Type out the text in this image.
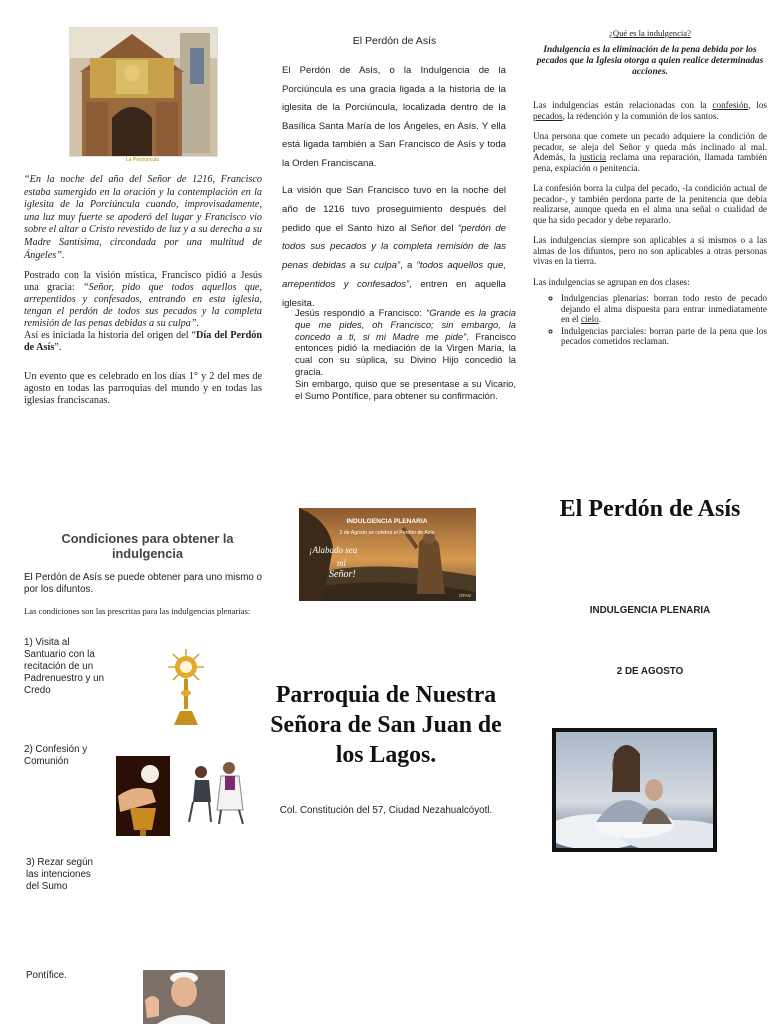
La Porciúncula

“En la noche del año del Señor de 1216, Francisco estaba sumergido en la oración y la contemplación en la iglesita de la Porciúncula cuando, improvisadamente, una luz muy fuerte se apoderó del lugar y Francisco vio sobre el altar a Cristo revestido de luz y a su derecha a su Madre Santísima, circondada por una multitud de Ángeles”.

Postrado con la visión mística, Francisco pidió a Jesús una gracia: “Señor, pido que todos aquellos que, arrepentidos y confesados, entrando en esta iglesia, tengan el perdón de todos sus pecados y la completa remisión de las penas debidas a su culpa”.
Así es iniciada la historia del origen del “Día del Perdón de Asís”.

Un evento que es celebrado en los días 1° y 2 del mes de agosto en todas las parroquias del mundo y en todas las iglesias franciscanas.

El Perdón de Asís

El Perdón de Asís, o la Indulgencia de la Porciúncula es una gracia ligada a la historia de la iglesita de la Porciúncula, localizada dentro de la Basílica Santa María de los Ángeles, en Asís. Y ella está ligada también a San Francisco de Asís y toda la Orden Franciscana.

La visión que San Francisco tuvo en la noche del año de 1216 tuvo proseguimiento después del pedido que el Santo hizo al Señor del “perdón de todos sus pecados y la completa remisión de las penas debidas a su culpa”, a “todos aquellos que, arrepentidos y confesados”, entren en aquella iglesita.

Jesús respondió a Francisco: “Grande es la gracia que me pides, oh Francisco; sin embargo, la concedo a ti, si mi Madre me pide”. Francisco entonces pidió la mediación de la Virgen María, la cual con su súplica, su Divino Hijo concedió la gracia.
Sin embargo, quiso que se presentase a su Vicario, el Sumo Pontífice, para obtener su confirmación.

¿Qué es la indulgencia?
Indulgencia es la eliminación de la pena debida por los pecados que la Iglesia otorga a quien realice determinadas acciones.

Las indulgencias están relacionadas con la confesión, los pecados, la redención y la comunión de los santos.

Una persona que comete un pecado adquiere la condición de pecador, se aleja del Señor y queda más inclinado al mal. Además, la justicia reclama una reparación, llamada también pena, expiación o penitencia.

La confesión borra la culpa del pecado, -la condición actual de pecador-, y también perdona parte de la penitencia que debía realizarse, aunque queda en el alma una señal o cualidad de que ha sido pecador y debe repararlo.

Las indulgencias siempre son aplicables a sí mismos o a las almas de los difuntos, pero no son aplicables a otras personas vivas en la tierra.

Las indulgencias se agrupan en dos clases:

◦ Indulgencias plenarias: borran todo resto de pecado dejando el alma dispuesta para entrar inmediatamente en el cielo.
◦ Indulgencias parciales: borran parte de la pena que los pecados cometidos reclaman.
Condiciones para obtener la indulgencia

El Perdón de Asís se puede obtener para uno mismo o por los difuntos.

Las condiciones son las prescritas para las indulgencias plenarias:

1) Visita al Santuario con la recitación de un Padrenuestro y un Credo

2) Confesión y Comunión

3) Rezar según las intenciones del Sumo

Pontífice.

INDULGENCIA PLENARIA
2 de Agosto se celebra el Perdón de Asís
¡Alabado sea
mi
Señor!
OFAS
Parroquia de Nuestra Señora de San Juan de los Lagos.
Col. Constitución del 57, Ciudad Nezahualcóyotl.
El Perdón de Asís
INDULGENCIA PLENARIA
2 DE AGOSTO
